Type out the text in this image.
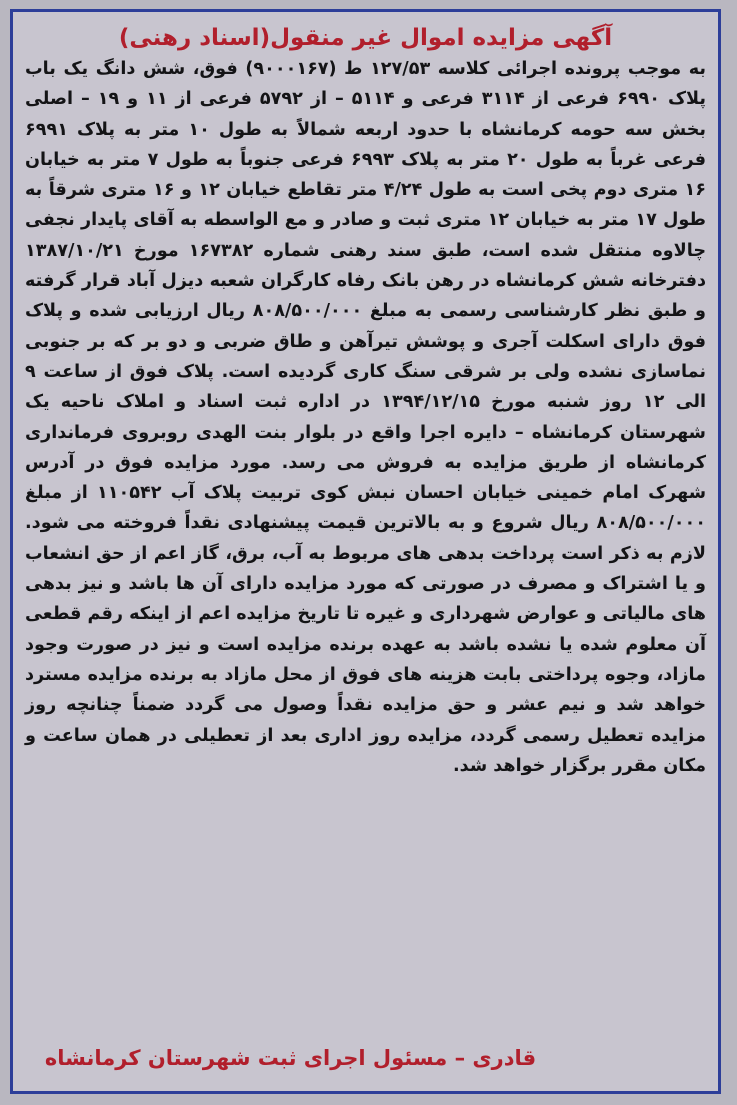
آگهی مزایده اموال غیر منقول(اسناد رهنی)

به موجب پرونده اجرائی کلاسه ۱۲۷/۵۳ ط (۹۰۰۰۱۶۷) فوق، شش دانگ یک باب پلاک ۶۹۹۰ فرعی از ۳۱۱۴ فرعی و ۵۱۱۴ – از ۵۷۹۲ فرعی از ۱۱ و ۱۹ – اصلی بخش سه حومه کرمانشاه با حدود اربعه شمالاً به طول ۱۰ متر به پلاک ۶۹۹۱ فرعی غرباً به طول ۲۰ متر به پلاک ۶۹۹۳ فرعی جنوباً به طول ۷ متر به خیابان ۱۶ متری دوم پخی است به طول ۴/۲۴ متر تقاطع خیابان ۱۲ و ۱۶ متری شرقاً به طول ۱۷ متر به خیابان ۱۲ متری ثبت و صادر و مع الواسطه به آقای پایدار نجفی چالاوه منتقل شده است، طبق سند رهنی شماره ۱۶۷۳۸۲ مورخ ۱۳۸۷/۱۰/۲۱ دفترخانه شش کرمانشاه در رهن بانک رفاه کارگران شعبه دیزل آباد قرار گرفته و طبق نظر کارشناسی رسمی به مبلغ ۸۰۸/۵۰۰/۰۰۰ ریال ارزیابی شده و پلاک فوق دارای اسکلت آجری و پوشش تیرآهن و طاق ضربی و دو بر که بر جنوبی نماسازی نشده ولی بر شرقی سنگ کاری گردیده است. پلاک فوق از ساعت ۹ الی ۱۲ روز شنبه مورخ ۱۳۹۴/۱۲/۱۵ در اداره ثبت اسناد و املاک ناحیه یک شهرستان کرمانشاه – دایره اجرا واقع در بلوار بنت الهدی روبروی فرمانداری کرمانشاه از طریق مزایده به فروش می رسد. مورد مزایده فوق در آدرس شهرک امام خمینی خیابان احسان نبش کوی تربیت پلاک آب ۱۱۰۵۴۲ از مبلغ ۸۰۸/۵۰۰/۰۰۰ ریال شروع و به بالاترین قیمت پیشنهادی نقداً فروخته می شود. لازم به ذکر است پرداخت بدهی های مربوط به آب، برق، گاز اعم از حق انشعاب و یا اشتراک و مصرف در صورتی که مورد مزایده دارای آن ها باشد و نیز بدهی های مالیاتی و عوارض شهرداری و غیره تا تاریخ مزایده اعم از اینکه رقم قطعی آن معلوم شده یا نشده باشد به عهده برنده مزایده است و نیز در صورت وجود مازاد، وجوه پرداختی بابت هزینه های فوق از محل مازاد به برنده مزایده مسترد خواهد شد و نیم عشر و حق مزایده نقداً وصول می گردد ضمناً چنانچه روز مزایده تعطیل رسمی گردد، مزایده روز اداری بعد از تعطیلی در همان ساعت و مکان مقرر برگزار خواهد شد.

قادری – مسئول اجرای ثبت شهرستان کرمانشاه
